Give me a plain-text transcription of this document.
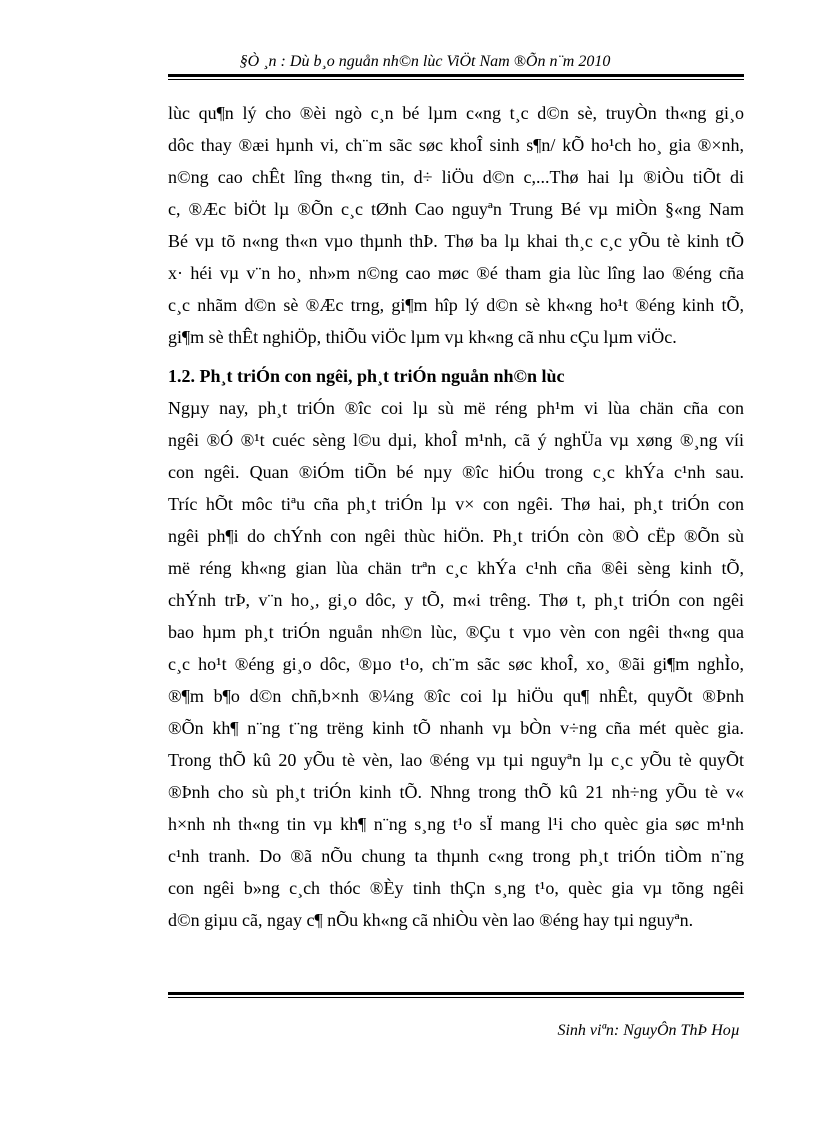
§Ò ¸n : Dù b¸o nguån nh©n lùc ViÖt Nam ®Õn n¨m 2010
lùc qu¶n lý cho ®èi ngò c¸n bé lµm c«ng t¸c d©n sè, truyÒn th«ng gi¸o
dôc thay ®æi hµnh vi, ch¨m sãc søc khoÎ sinh s¶n/ kÕ ho¹ch ho¸ gia ®×nh,
n©ng cao chÊt lîng th«ng tin, d÷ liÖu d©n c,...Thø hai lµ ®iÒu tiÕt di
c, ®Æc biÖt lµ ®Õn c¸c tØnh Cao nguyªn Trung Bé vµ miÒn §«ng Nam
Bé vµ tõ n«ng th«n vµo thµnh thÞ. Thø ba lµ khai th¸c c¸c yÕu tè kinh tÕ
x· héi vµ v¨n ho¸ nh»m n©ng cao møc ®é tham gia lùc lîng lao ®éng cña
c¸c nhãm d©n sè ®Æc trng, gi¶m hîp lý d©n sè kh«ng ho¹t ®éng kinh tÕ,
gi¶m sè thÊt nghiÖp, thiÕu viÖc lµm vµ kh«ng cã nhu cÇu lµm viÖc.
1.2. Ph¸t triÓn con ngêi, ph¸t triÓn nguån nh©n lùc
Ngµy nay, ph¸t triÓn ®îc coi lµ sù më réng ph¹m vi lùa chän cña con
ngêi ®Ó ®¹t cuéc sèng l©u dµi, khoÎ m¹nh, cã ý nghÜa vµ xøng ®¸ng víi
con ngêi. Quan ®iÓm tiÕn bé nµy ®îc hiÓu trong c¸c khÝa c¹nh sau.
Tríc hÕt môc tiªu cña ph¸t triÓn lµ v× con ngêi. Thø hai, ph¸t triÓn con
ngêi ph¶i do chÝnh con ngêi thùc hiÖn. Ph¸t triÓn còn ®Ò cËp ®Õn sù
më réng kh«ng gian lùa chän trªn c¸c khÝa c¹nh cña ®êi sèng kinh tÕ,
chÝnh trÞ, v¨n ho¸, gi¸o dôc, y tÕ, m«i trêng. Thø t, ph¸t triÓn con ngêi
bao hµm ph¸t triÓn nguån nh©n lùc, ®Çu t vµo vèn con ngêi th«ng qua
c¸c ho¹t ®éng gi¸o dôc, ®µo t¹o, ch¨m sãc søc khoÎ, xo¸ ®ãi gi¶m nghÌo,
®¶m b¶o d©n chñ,b×nh ®¼ng ®îc coi lµ hiÖu qu¶ nhÊt, quyÕt ®Þnh
®Õn kh¶ n¨ng t¨ng trëng kinh tÕ nhanh vµ bÒn v÷ng cña mét quèc gia.
Trong thÕ kû 20 yÕu tè vèn, lao ®éng vµ tµi nguyªn lµ c¸c yÕu tè quyÕt
®Þnh cho sù ph¸t triÓn kinh tÕ. Nhng trong thÕ kû 21 nh÷ng yÕu tè v«
h×nh nh th«ng tin vµ kh¶ n¨ng s¸ng t¹o sÏ mang l¹i cho quèc gia søc m¹nh
c¹nh tranh. Do ®ã nÕu chung ta thµnh c«ng trong ph¸t triÓn tiÒm n¨ng
con ngêi b»ng c¸ch thóc ®Èy tinh thÇn s¸ng t¹o, quèc gia vµ tõng ngêi
d©n giµu cã, ngay c¶ nÕu kh«ng cã nhiÒu vèn lao ®éng hay tµi nguyªn.
Sinh viªn: NguyÔn ThÞ Hoµ
